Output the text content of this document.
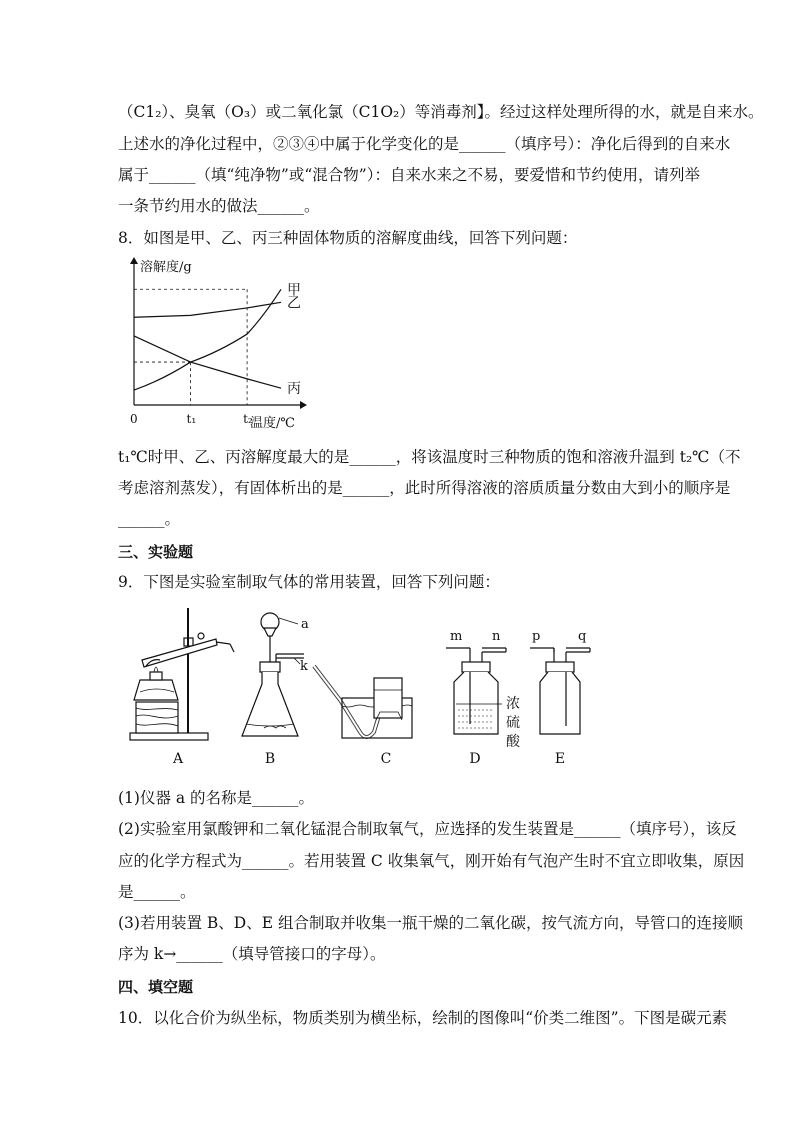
（C1₂）、臭氧（O₃）或二氧化氯（C1O₂）等消毒剂】。经过这样处理所得的水，就是自来水。
上述水的净化过程中，②③④中属于化学变化的是______（填序号）：净化后得到的自来水
属于______（填“纯净物”或“混合物”）：自来水来之不易，要爱惜和节约使用，请列举
一条节约用水的做法______。
8．如图是甲、乙、丙三种固体物质的溶解度曲线，回答下列问题：
溶解度/g
温度/℃
0	t₁	t₂
甲
乙
丙
t₁℃时甲、乙、丙溶解度最大的是______，将该温度时三种物质的饱和溶液升温到 t₂℃（不
考虑溶剂蒸发），有固体析出的是______，此时所得溶液的溶质质量分数由大到小的顺序是
______。
三、实验题
9．下图是实验室制取气体的常用装置，回答下列问题：
A
a
k
B	C
m n
浓
硫
酸
D
p	q
E
(1)仪器 a 的名称是______。
(2)实验室用氯酸钾和二氧化锰混合制取氧气，应选择的发生装置是______（填序号），该反
应的化学方程式为______。若用装置 C 收集氧气，刚开始有气泡产生时不宜立即收集，原因
是______。
(3)若用装置 B、D、E 组合制取并收集一瓶干燥的二氧化碳，按气流方向，导管口的连接顺
序为 k→______（填导管接口的字母）。
四、填空题
10．以化合价为纵坐标，物质类别为横坐标，绘制的图像叫“价类二维图”。下图是碳元素
